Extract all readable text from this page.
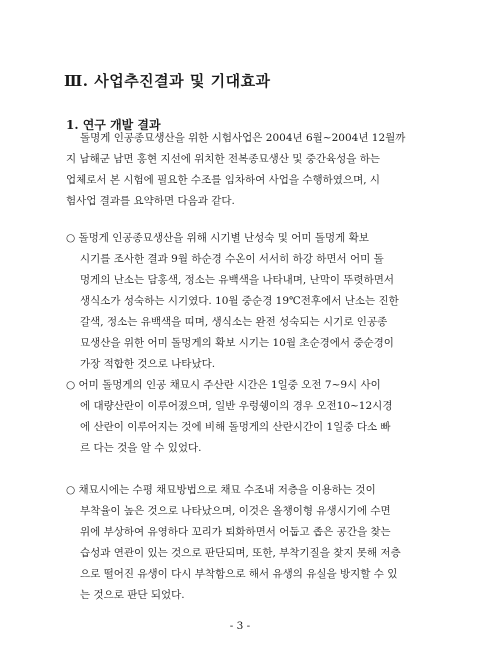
Ⅲ. 사업추진결과 및 기대효과
1. 연구 개발 결과

돌명게 인공종묘생산을 위한 시험사업은 2004년 6월~2004년 12월까
지 남해군 남면 홍현 지선에 위치한 전복종묘생산 및 중간육성을 하는
업체로서 본 시험에 필요한 수조를 임차하여 사업을 수행하였으며, 시
험사업 결과를 요약하면 다음과 같다.

○ 돌멍게 인공종묘생산을 위해 시기별 난성숙 및 어미 돌멍게 확보
시기를 조사한 결과 9월 하순경 수온이 서서히 하강 하면서 어미 돌
멍게의 난소는 담홍색, 정소는 유백색을 나타내며, 난막이 뚜렷하면서
생식소가 성숙하는 시기였다. 10월 중순경 19℃전후에서 난소는 진한
갈색, 정소는 유백색을 띠며, 생식소는 완전 성숙되는 시기로 인공종
묘생산을 위한 어미 돌멍게의 확보 시기는 10월 초순경에서 중순경이
가장 적합한 것으로 나타났다.

○ 어미 돌멍게의 인공 채묘시 주산란 시간은 1일중 오전 7~9시 사이
에 대량산란이 이루어졌으며, 일반 우렁쉥이의 경우 오전10~12시경
에 산란이 이루어지는 것에 비해 돌멍게의 산란시간이 1일중 다소 빠
르 다는 것을 알 수 있었다.

○ 채묘시에는 수평 채묘방법으로 채묘 수조내 저층을 이용하는 것이
부착율이 높은 것으로 나타났으며, 이것은 올챙이형 유생시기에 수면
위에 부상하여 유영하다 꼬리가 퇴화하면서 어둡고 좁은 공간을 찾는
습성과 연관이 있는 것으로 판단되며, 또한, 부착기질을 찾지 못해 저층
으로 떨어진 유생이 다시 부착함으로 해서 유생의 유실을 방지할 수 있
는 것으로 판단 되었다.

- 3 -
